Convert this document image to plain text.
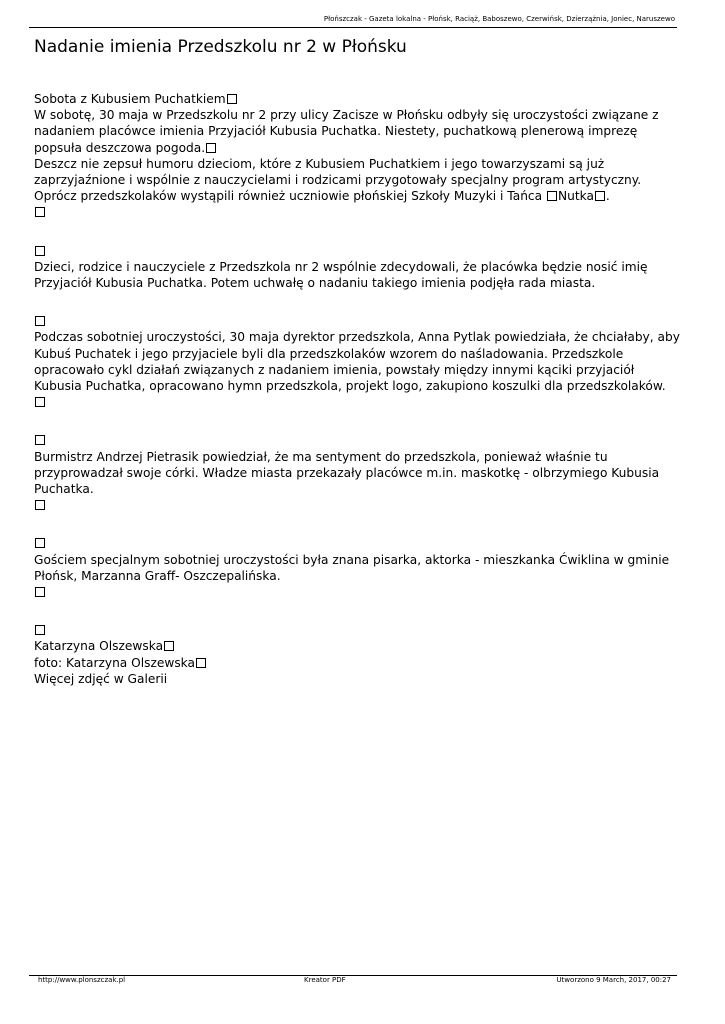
Płońszczak - Gazeta lokalna - Płońsk, Raciąż, Baboszewo, Czerwińsk, Dzierzążnia, Joniec, Naruszewo
Nadanie imienia Przedszkolu nr 2 w Płońsku

Sobota z Kubusiem Puchatkiem

W sobotę, 30 maja w Przedszkolu nr 2 przy ulicy Zacisze w Płońsku odbyły się uroczystości związane z nadaniem placówce imienia Przyjaciół Kubusia Puchatka. Niestety, puchatkową plenerową imprezę popsuła deszczowa pogoda.

Deszcz nie zepsuł humoru dzieciom, które z Kubusiem Puchatkiem i jego towarzyszami są już zaprzyjaźnione i wspólnie z nauczycielami i rodzicami przygotowały specjalny program artystyczny. Oprócz przedszkolaków wystąpili również uczniowie płońskiej Szkoły Muzyki i Tańca Nutka .

Dzieci, rodzice i nauczyciele z Przedszkola nr 2 wspólnie zdecydowali, że placówka będzie nosić imię Przyjaciół Kubusia Puchatka. Potem uchwałę o nadaniu takiego imienia podjęła rada miasta.

Podczas sobotniej uroczystości, 30 maja dyrektor przedszkola, Anna Pytlak powiedziała, że chciałaby, aby Kubuś Puchatek i jego przyjaciele byli dla przedszkolaków wzorem do naśladowania. Przedszkole opracowało cykl działań związanych z nadaniem imienia, powstały między innymi kąciki przyjaciół Kubusia Puchatka, opracowano hymn przedszkola, projekt logo, zakupiono koszulki dla przedszkolaków.

Burmistrz Andrzej Pietrasik powiedział, że ma sentyment do przedszkola, ponieważ właśnie tu przyprowadzał swoje córki. Władze miasta przekazały placówce m.in. maskotkę - olbrzymiego Kubusia Puchatka.

Gościem specjalnym sobotniej uroczystości była znana pisarka, aktorka - mieszkanka Ćwiklina w gminie Płońsk, Marzanna Graff- Oszczepalińska.

Katarzyna Olszewska

foto: Katarzyna Olszewska

Więcej zdjęć w Galerii

http://www.plonszczak.pl	Kreator PDF	Utworzono 9 March, 2017, 00:27
